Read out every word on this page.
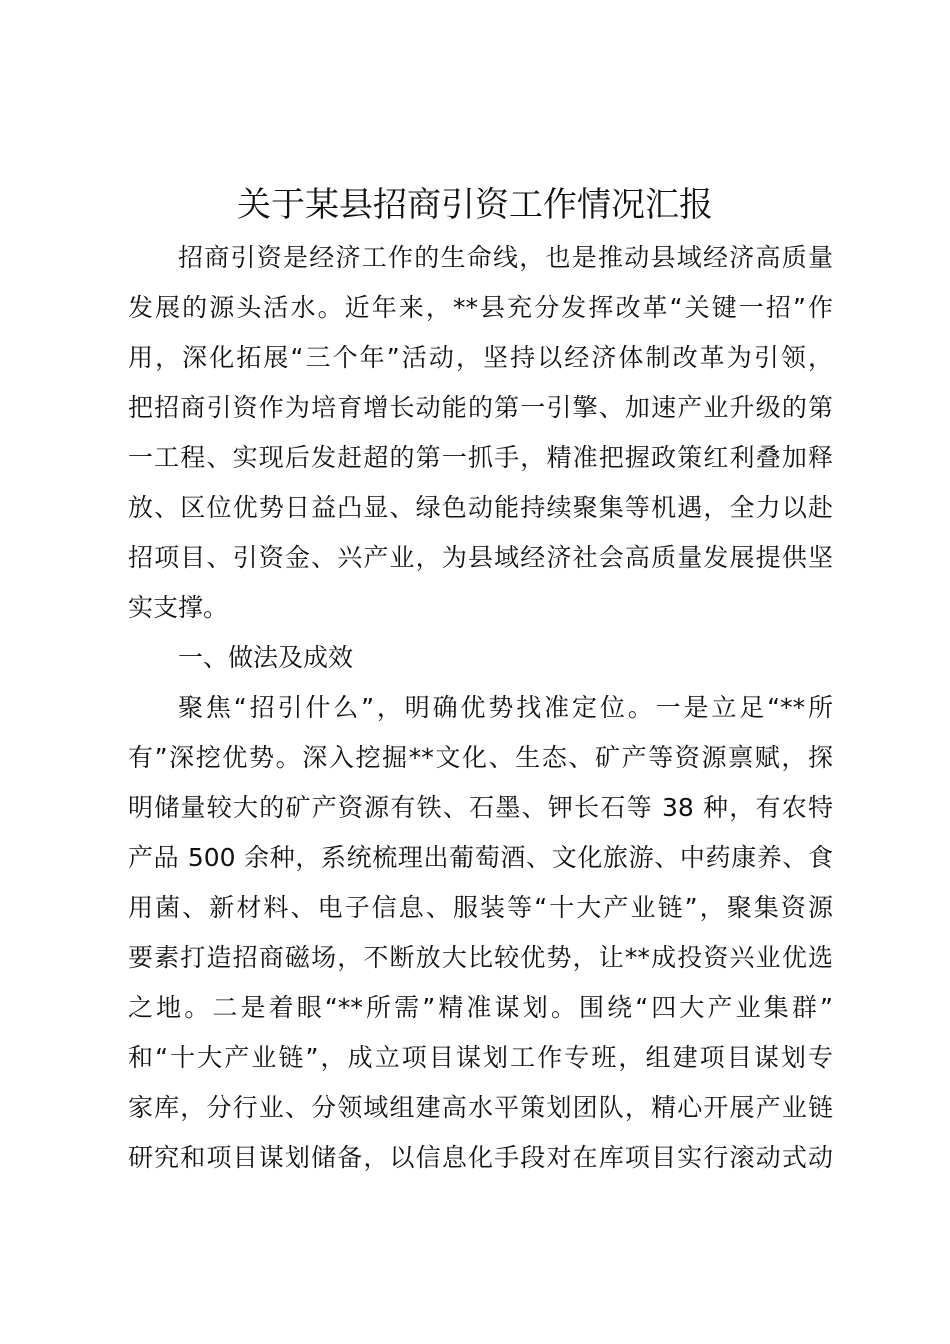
关于某县招商引资工作情况汇报
招商引资是经济工作的生命线，也是推动县域经济高质量
发展的源头活水。近年来，**县充分发挥改革“关键一招”作
用，深化拓展“三个年”活动，坚持以经济体制改革为引领，
把招商引资作为培育增长动能的第一引擎、加速产业升级的第
一工程、实现后发赶超的第一抓手，精准把握政策红利叠加释
放、区位优势日益凸显、绿色动能持续聚集等机遇，全力以赴
招项目、引资金、兴产业，为县域经济社会高质量发展提供坚
实支撑。
一、做法及成效
聚焦“招引什么”，明确优势找准定位。一是立足“**所
有”深挖优势。深入挖掘**文化、生态、矿产等资源禀赋，探
明储量较大的矿产资源有铁、石墨、钾长石等 38 种，有农特
产品 500 余种，系统梳理出葡萄酒、文化旅游、中药康养、食
用菌、新材料、电子信息、服装等“十大产业链”，聚集资源
要素打造招商磁场，不断放大比较优势，让**成投资兴业优选
之地。二是着眼“**所需”精准谋划。围绕“四大产业集群”
和“十大产业链”，成立项目谋划工作专班，组建项目谋划专
家库，分行业、分领域组建高水平策划团队，精心开展产业链
研究和项目谋划储备，以信息化手段对在库项目实行滚动式动
